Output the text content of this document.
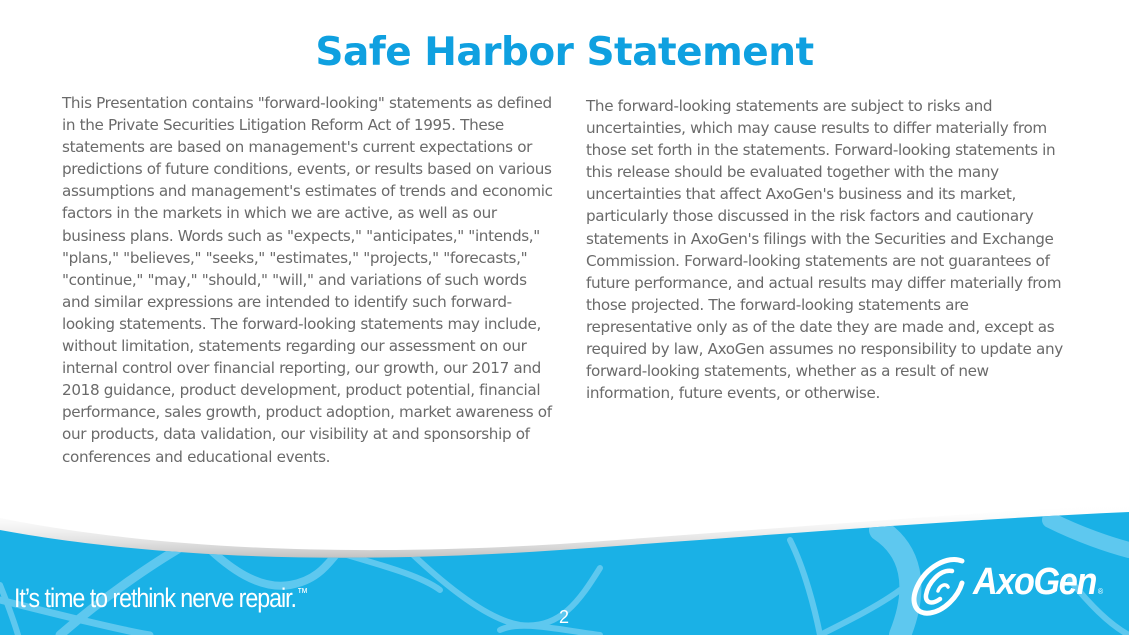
Safe Harbor Statement
This Presentation contains "forward-looking" statements as defined in the Private Securities Litigation Reform Act of 1995. These statements are based on management's current expectations or predictions of future conditions, events, or results based on various assumptions and management's estimates of trends and economic factors in the markets in which we are active, as well as our business plans. Words such as "expects," "anticipates," "intends," "plans," "believes," "seeks," "estimates," "projects," "forecasts," "continue," "may," "should," "will," and variations of such words and similar expressions are intended to identify such forward-looking statements. The forward-looking statements may include, without limitation, statements regarding our assessment on our internal control over financial reporting, our growth, our 2017 and 2018 guidance, product development, product potential, financial performance, sales growth, product adoption, market awareness of our products, data validation, our visibility at and sponsorship of conferences and educational events.
The forward-looking statements are subject to risks and uncertainties, which may cause results to differ materially from those set forth in the statements. Forward-looking statements in this release should be evaluated together with the many uncertainties that affect AxoGen's business and its market, particularly those discussed in the risk factors and cautionary statements in AxoGen's filings with the Securities and Exchange Commission. Forward-looking statements are not guarantees of future performance, and actual results may differ materially from those projected. The forward-looking statements are representative only as of the date they are made and, except as required by law, AxoGen assumes no responsibility to update any forward-looking statements, whether as a result of new information, future events, or otherwise.
It’s time to rethink nerve repair.™
2
AxoGen ®
